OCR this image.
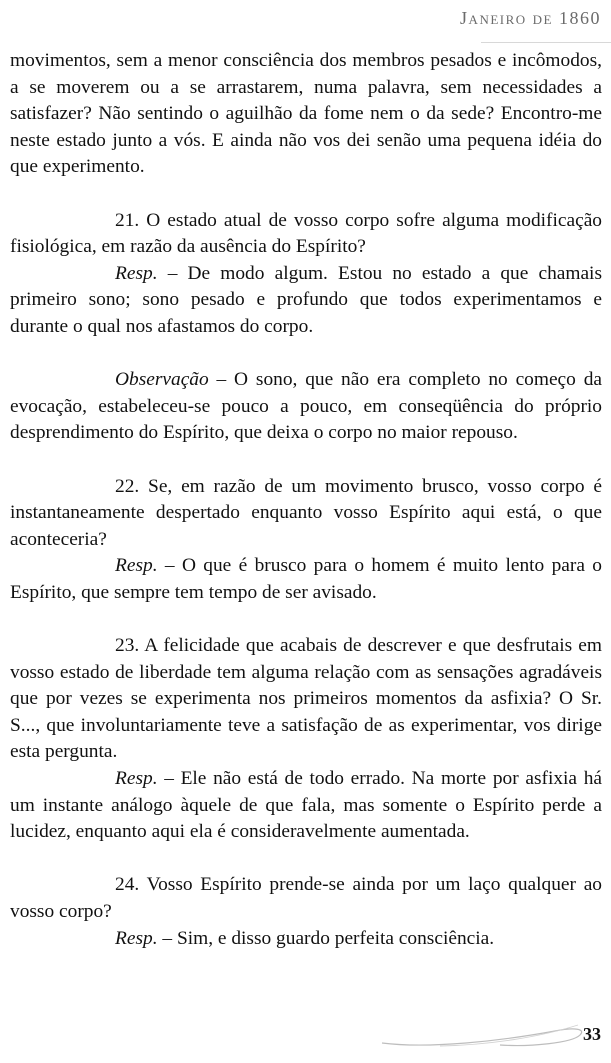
Janeiro de 1860

movimentos, sem a menor consciência dos membros pesados e incômodos, a se moverem ou a se arrastarem, numa palavra, sem necessidades a satisfazer? Não sentindo o aguilhão da fome nem o da sede? Encontro-me neste estado junto a vós. E ainda não vos dei senão uma pequena idéia do que experimento.

21. O estado atual de vosso corpo sofre alguma modificação fisiológica, em razão da ausência do Espírito?

Resp. – De modo algum. Estou no estado a que chamais primeiro sono; sono pesado e profundo que todos experimentamos e durante o qual nos afastamos do corpo.

Observação – O sono, que não era completo no começo da evocação, estabeleceu-se pouco a pouco, em conseqüência do próprio desprendimento do Espírito, que deixa o corpo no maior repouso.

22. Se, em razão de um movimento brusco, vosso corpo é instantaneamente despertado enquanto vosso Espírito aqui está, o que aconteceria?

Resp. – O que é brusco para o homem é muito lento para o Espírito, que sempre tem tempo de ser avisado.

23. A felicidade que acabais de descrever e que desfrutais em vosso estado de liberdade tem alguma relação com as sensações agradáveis que por vezes se experimenta nos primeiros momentos da asfixia? O Sr. S..., que involuntariamente teve a satisfação de as experimentar, vos dirige esta pergunta.

Resp. – Ele não está de todo errado. Na morte por asfixia há um instante análogo àquele de que fala, mas somente o Espírito perde a lucidez, enquanto aqui ela é consideravelmente aumentada.

24. Vosso Espírito prende-se ainda por um laço qualquer ao vosso corpo?

Resp. – Sim, e disso guardo perfeita consciência.

33
